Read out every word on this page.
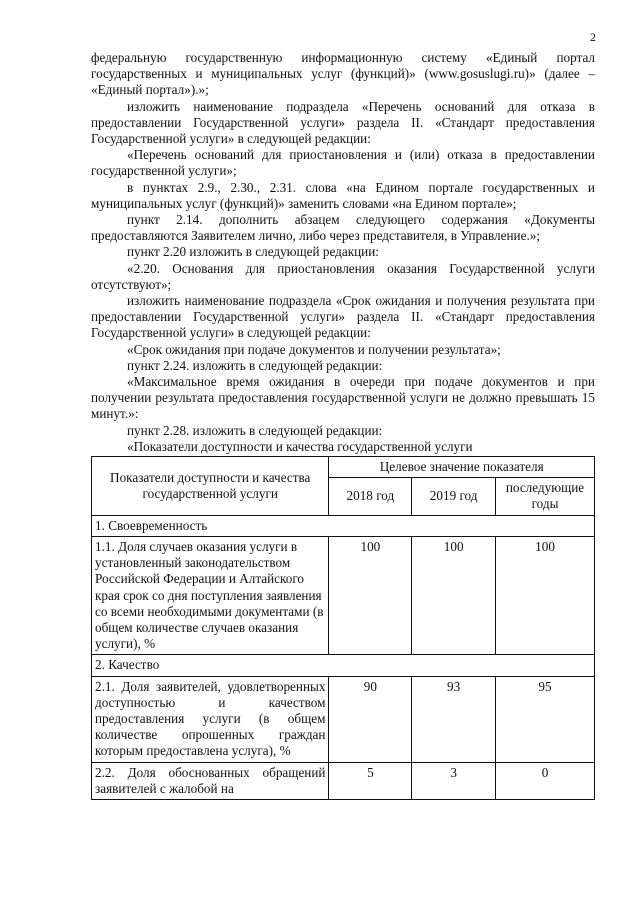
2

федеральную государственную информационную систему «Единый портал государственных и муниципальных услуг (функций)» (www.gosuslugi.ru)» (далее – «Единый портал»).»;

изложить наименование подраздела «Перечень оснований для отказа в предоставлении Государственной услуги» раздела II. «Стандарт предоставления Государственной услуги» в следующей редакции:

«Перечень оснований для приостановления и (или) отказа в предоставлении государственной услуги»;

в пунктах 2.9., 2.30., 2.31. слова «на Едином портале государственных и муниципальных услуг (функций)» заменить словами «на Едином портале»;

пункт 2.14. дополнить абзацем следующего содержания «Документы предоставляются Заявителем лично, либо через представителя, в Управление.»;

пункт 2.20 изложить в следующей редакции:

«2.20. Основания для приостановления оказания Государственной услуги отсутствуют»;

изложить наименование подраздела «Срок ожидания и получения результата при предоставлении Государственной услуги» раздела II. «Стандарт предоставления Государственной услуги» в следующей редакции:

«Срок ожидания при подаче документов и получении результата»;

пункт 2.24. изложить в следующей редакции:

«Максимальное время ожидания в очереди при подаче документов и при получении результата предоставления государственной услуги не должно превышать 15 минут.»:

пункт 2.28. изложить в следующей редакции:

«Показатели доступности и качества государственной услуги

Показатели доступности и качества государственной услуги	Целевое значение показателя		
	2018 год	2019 год	последующие годы
1. Своевременность			
1.1. Доля случаев оказания услуги в установленный законодательством Российской Федерации и Алтайского края срок со дня поступления заявления со всеми необходимыми документами (в общем количестве случаев оказания услуги), %	100	100	100
2. Качество			
2.1. Доля заявителей, удовлетворенных доступностью и качеством предоставления услуги (в общем количестве опрошенных граждан которым предоставлена услуга), %	90	93	95
2.2. Доля обоснованных обращений заявителей с жалобой на	5	3	0
